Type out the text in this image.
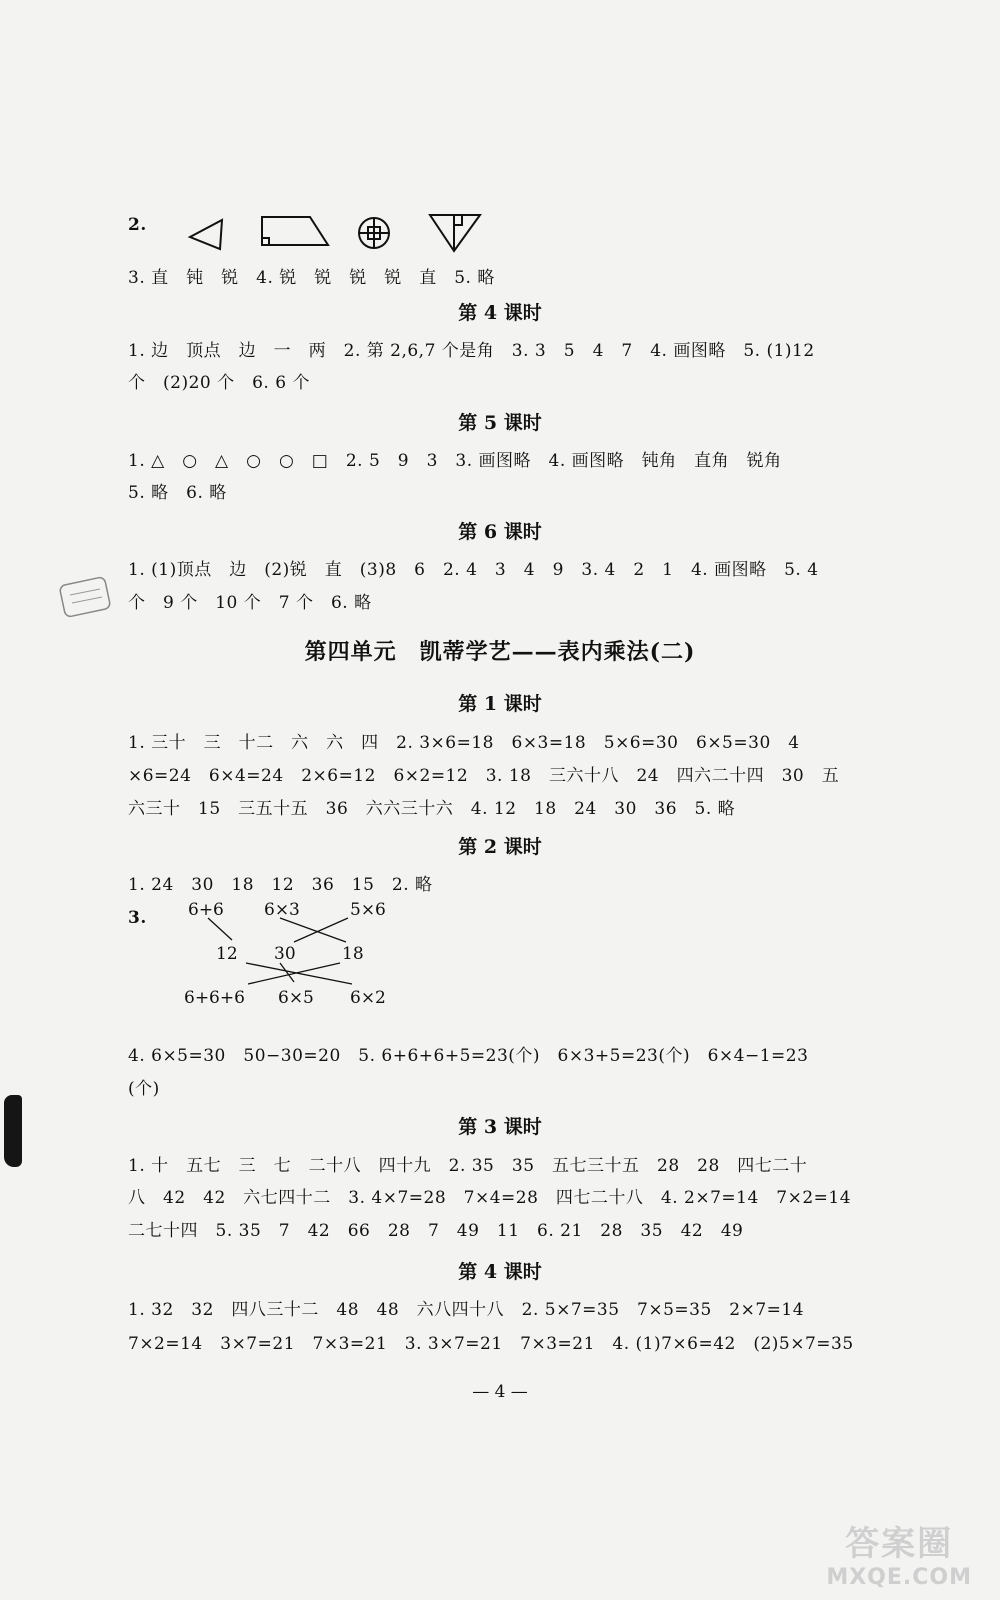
2.
3. 直　钝　锐　4. 锐　锐　锐　锐　直　5. 略
第 4 课时
1. 边　顶点　边　一　两　2. 第 2,6,7 个是角　3. 3　5　4　7　4. 画图略　5. (1)12
个　(2)20 个　6. 6 个
第 5 课时
1. △　○　△　○　○　□　2. 5　9　3　3. 画图略　4. 画图略　钝角　直角　锐角
5. 略　6. 略
第 6 课时
1. (1)顶点　边　(2)锐　直　(3)8　6　2. 4　3　4　9　3. 4　2　1　4. 画图略　5. 4
个　9 个　10 个　7 个　6. 略
第四单元　凯蒂学艺——表内乘法(二)
第 1 课时
1. 三十　三　十二　六　六　四　2. 3×6=18　6×3=18　5×6=30　6×5=30　4
×6=24　6×4=24　2×6=12　6×2=12　3. 18　三六十八　24　四六二十四　30　五
六三十　15　三五十五　36　六六三十六　4. 12　18　24　30　36　5. 略
第 2 课时
1. 24　30　18　12　36　15　2. 略
3.	6+6 6×3	5×6
12 30	18
6+6+6 6×5 6×2
4. 6×5=30　50−30=20　5. 6+6+6+5=23(个)　6×3+5=23(个)　6×4−1=23
(个)
第 3 课时
1. 十　五七　三　七　二十八　四十九　2. 35　35　五七三十五　28　28　四七二十
八　42　42　六七四十二　3. 4×7=28　7×4=28　四七二十八　4. 2×7=14　7×2=14
二七十四　5. 35　7　42　66　28　7　49　11　6. 21　28　35　42　49
第 4 课时
1. 32　32　四八三十二　48　48　六八四十八　2. 5×7=35　7×5=35　2×7=14
7×2=14　3×7=21　7×3=21　3. 3×7=21　7×3=21　4. (1)7×6=42　(2)5×7=35
— 4 —
答案圈
MXQE.COM
